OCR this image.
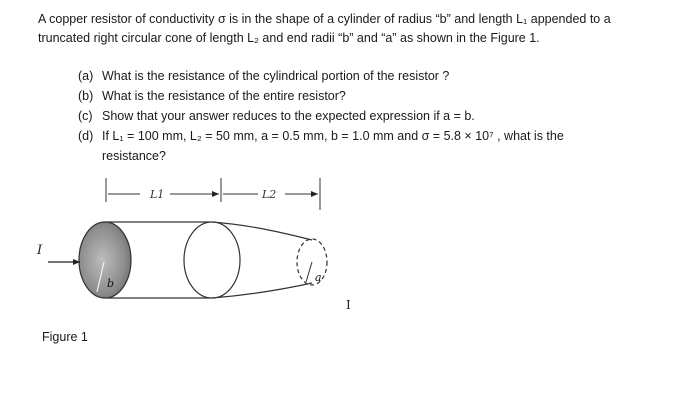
A copper resistor of conductivity σ is in the shape of a cylinder of radius “b” and length L₁ appended to a
truncated right circular cone of length L₂ and end radii “b” and “a” as shown in the Figure 1.
(a) What is the resistance of the cylindrical portion of the resistor ?
(b) What is the resistance of the entire resistor?
(c) Show that your answer reduces to the expected expression if a = b.
(d) If L₁ = 100 mm, L₂ = 50 mm, a = 0.5 mm, b = 1.0 mm and σ = 5.8 × 10⁷ , what is the
resistance?
L1	L2
b	a
I
I
Figure 1
